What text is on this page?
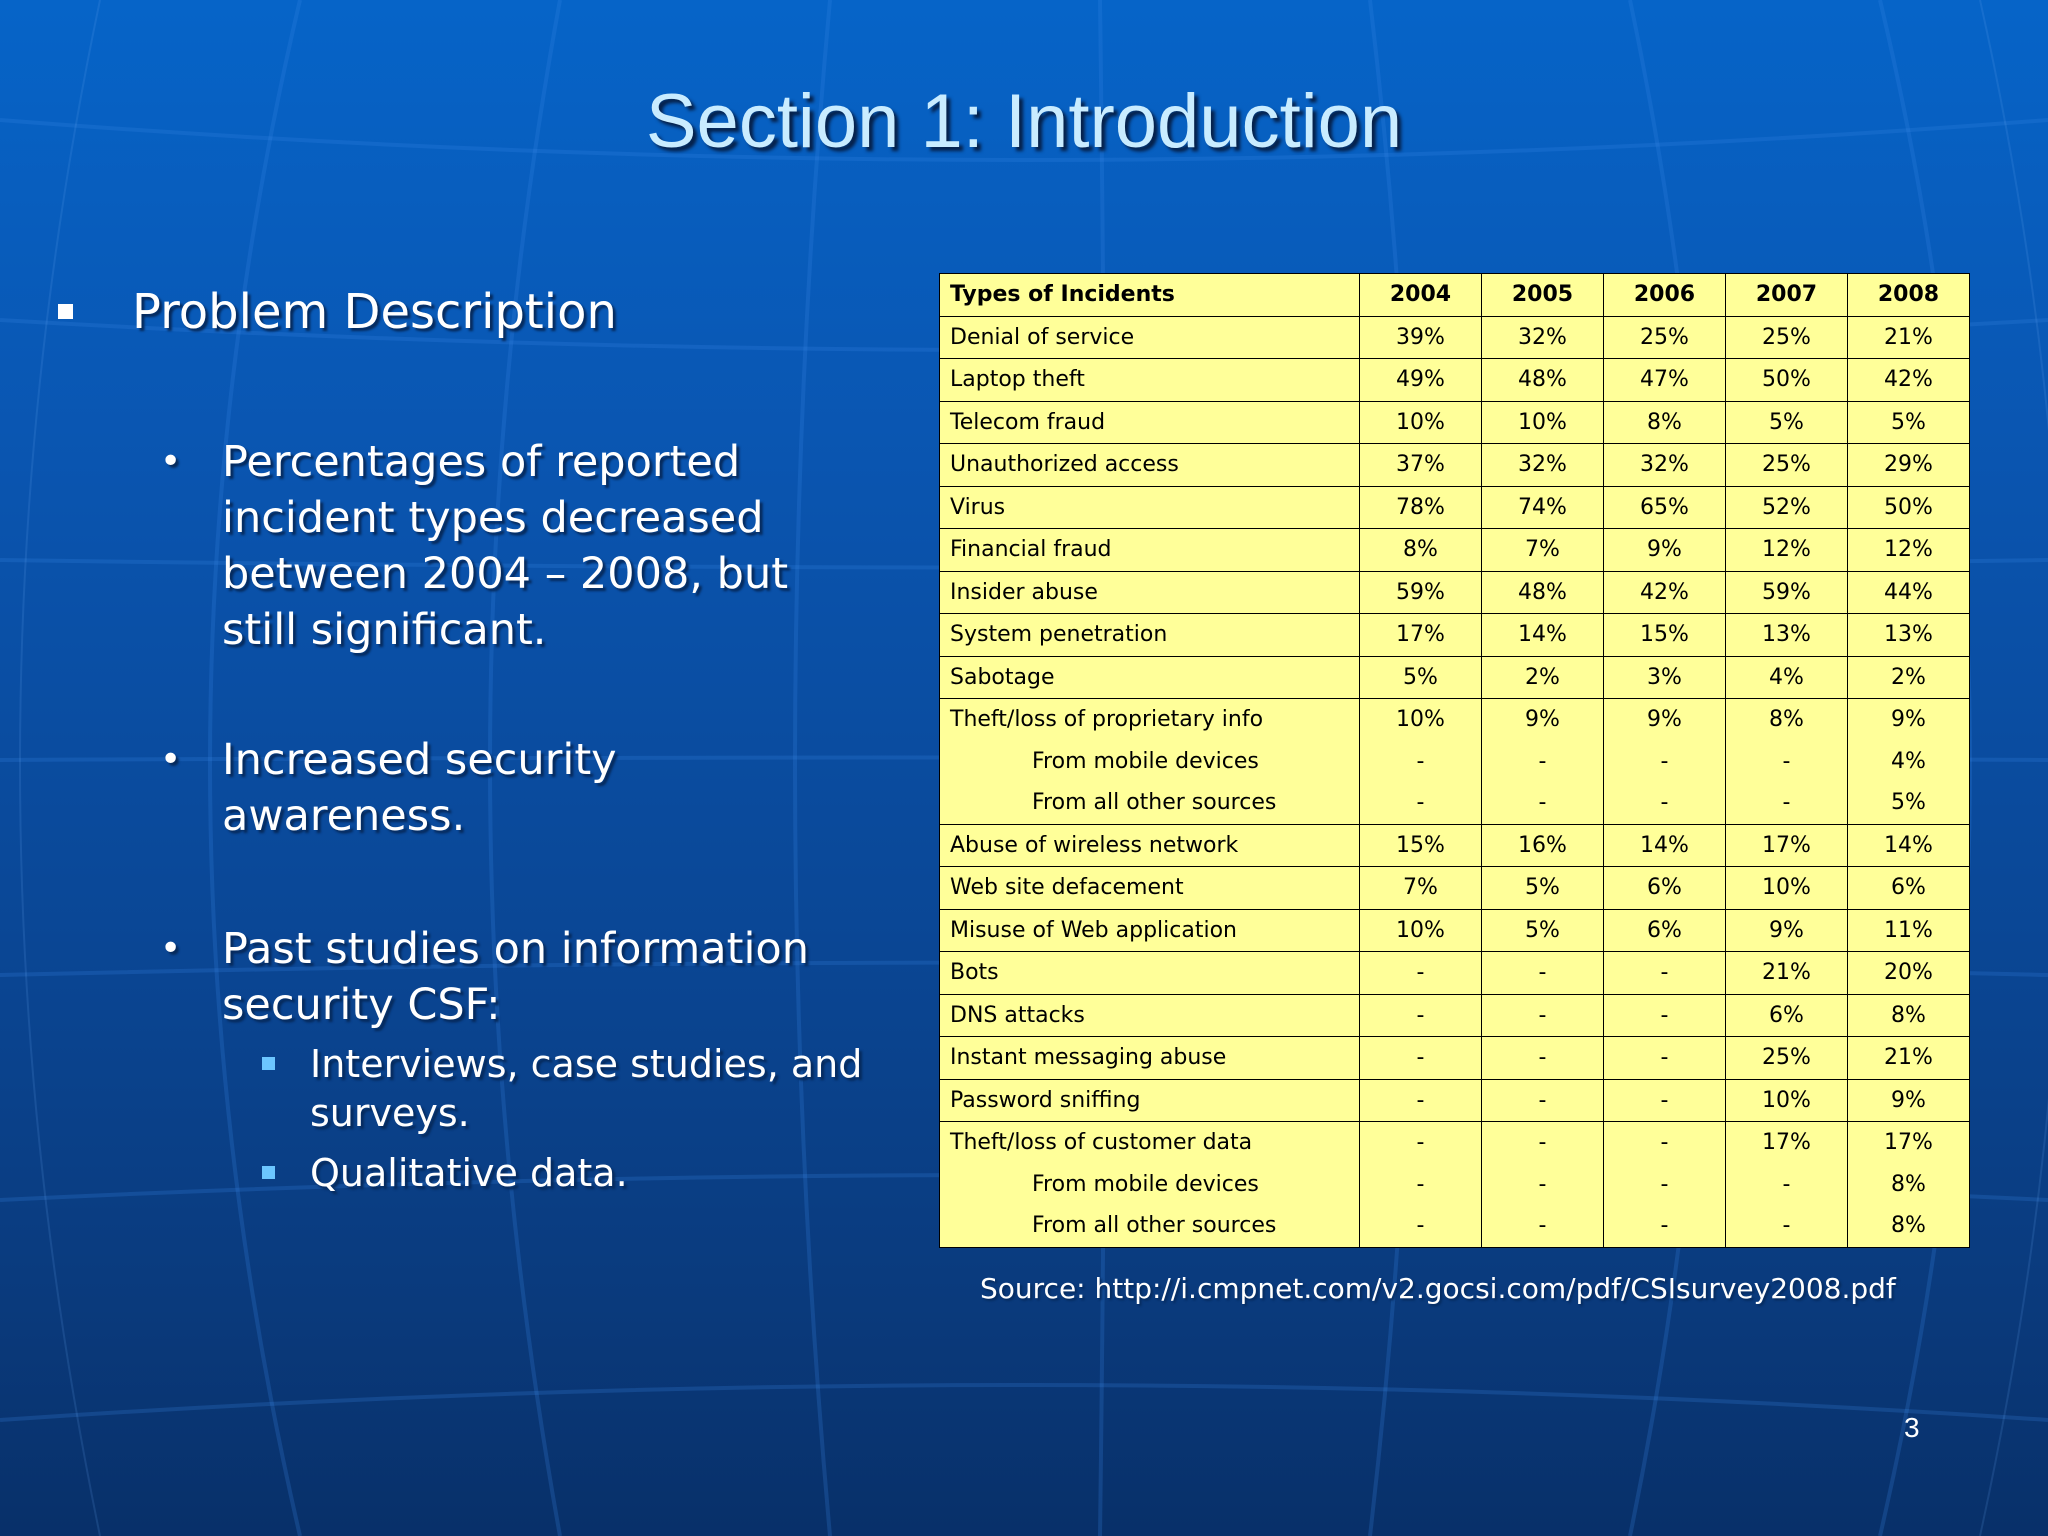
Section 1: Introduction
Problem Description
• Percentages of reported incident types decreased between 2004 – 2008, but still significant.
• Increased security awareness.
• Past studies on information security CSF:
Interviews, case studies, and surveys.
Qualitative data.
Types of Incidents	2004	2005	2006	2007	2008
Denial of service	39%	32%	25%	25%	21%
Laptop theft	49%	48%	47%	50%	42%
Telecom fraud	10%	10%	8%	5%	5%
Unauthorized access	37%	32%	32%	25%	29%
Virus	78%	74%	65%	52%	50%
Financial fraud	8%	7%	9%	12%	12%
Insider abuse	59%	48%	42%	59%	44%
System penetration	17%	14%	15%	13%	13%
Sabotage	5%	2%	3%	4%	2%
Theft/loss of proprietary info	10%	9%	9%	8%	9%
From mobile devices	-	-	-	-	4%
From all other sources	-	-	-	-	5%
Abuse of wireless network	15%	16%	14%	17%	14%
Web site defacement	7%	5%	6%	10%	6%
Misuse of Web application	10%	5%	6%	9%	11%
Bots	-	-	-	21%	20%
DNS attacks	-	-	-	6%	8%
Instant messaging abuse	-	-	-	25%	21%
Password sniffing	-	-	-	10%	9%
Theft/loss of customer data	-	-	-	17%	17%
From mobile devices	-	-	-	-	8%
From all other sources	-	-	-	-	8%
Source: http://i.cmpnet.com/v2.gocsi.com/pdf/CSIsurvey2008.pdf
3
